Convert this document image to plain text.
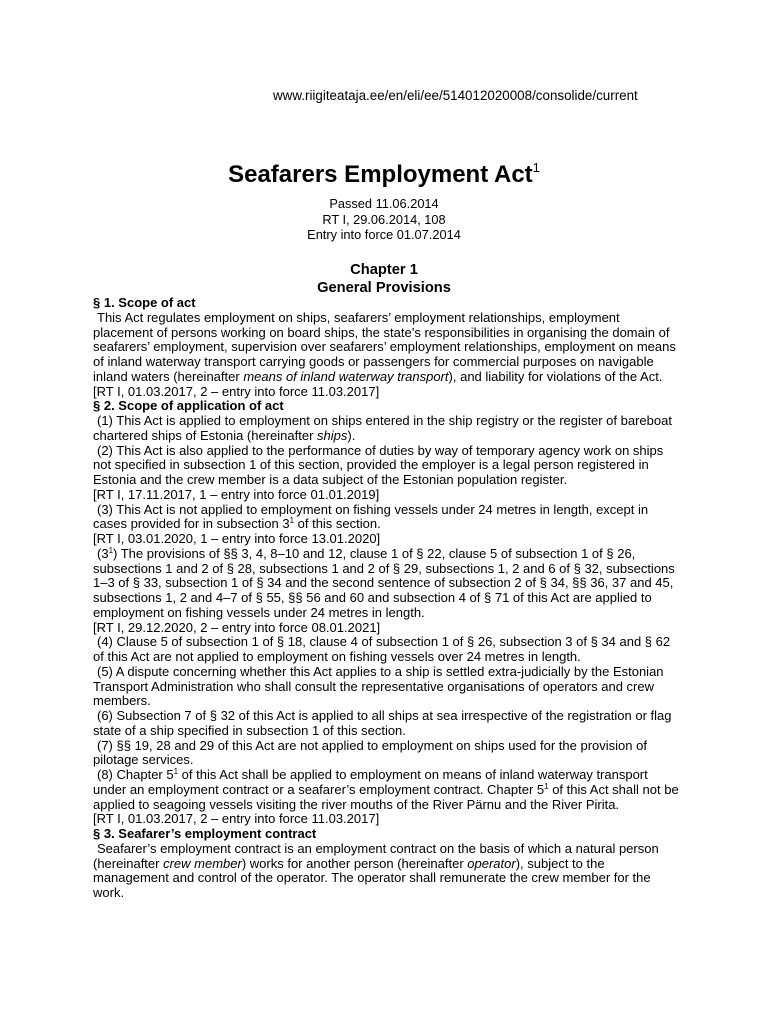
www.riigiteataja.ee/en/eli/ee/514012020008/consolide/current
Seafarers Employment Act$^1$
Passed 11.06.2014
RT I, 29.06.2014, 108
Entry into force 01.07.2014
Chapter 1
General Provisions

§ 1. Scope of act

This Act regulates employment on ships, seafarers’ employment relationships, employment placement of persons working on board ships, the state’s responsibilities in organising the domain of seafarers’ employment, supervision over seafarers’ employment relationships, employment on means of inland waterway transport carrying goods or passengers for commercial purposes on navigable inland waters (hereinafter means of inland waterway transport), and liability for violations of the Act.

[RT I, 01.03.2017, 2 – entry into force 11.03.2017]

§ 2. Scope of application of act

(1) This Act is applied to employment on ships entered in the ship registry or the register of bareboat chartered ships of Estonia (hereinafter ships).

(2) This Act is also applied to the performance of duties by way of temporary agency work on ships not specified in subsection 1 of this section, provided the employer is a legal person registered in Estonia and the crew member is a data subject of the Estonian population register.

[RT I, 17.11.2017, 1 – entry into force 01.01.2019]

(3) This Act is not applied to employment on fishing vessels under 24 metres in length, except in cases provided for in subsection $3^1$ of this section.

[RT I, 03.01.2020, 1 – entry into force 13.01.2020]

$(3^1)$ The provisions of §§ 3, 4, 8–10 and 12, clause 1 of § 22, clause 5 of subsection 1 of § 26, subsections 1 and 2 of § 28, subsections 1 and 2 of § 29, subsections 1, 2 and 6 of § 32, subsections 1–3 of § 33, subsection 1 of § 34 and the second sentence of subsection 2 of § 34, §§ 36, 37 and 45, subsections 1, 2 and 4–7 of § 55, §§ 56 and 60 and subsection 4 of § 71 of this Act are applied to employment on fishing vessels under 24 metres in length.

[RT I, 29.12.2020, 2 – entry into force 08.01.2021]

(4) Clause 5 of subsection 1 of § 18, clause 4 of subsection 1 of § 26, subsection 3 of § 34 and § 62 of this Act are not applied to employment on fishing vessels over 24 metres in length.

(5) A dispute concerning whether this Act applies to a ship is settled extra-judicially by the Estonian Transport Administration who shall consult the representative organisations of operators and crew members.

(6) Subsection 7 of § 32 of this Act is applied to all ships at sea irrespective of the registration or flag state of a ship specified in subsection 1 of this section.

(7) §§ 19, 28 and 29 of this Act are not applied to employment on ships used for the provision of pilotage services.

(8) Chapter $5^1$ of this Act shall be applied to employment on means of inland waterway transport under an employment contract or a seafarer’s employment contract. Chapter $5^1$ of this Act shall not be applied to seagoing vessels visiting the river mouths of the River Pärnu and the River Pirita.

[RT I, 01.03.2017, 2 – entry into force 11.03.2017]

§ 3. Seafarer’s employment contract

Seafarer’s employment contract is an employment contract on the basis of which a natural person (hereinafter crew member) works for another person (hereinafter operator), subject to the management and control of the operator. The operator shall remunerate the crew member for the work.
